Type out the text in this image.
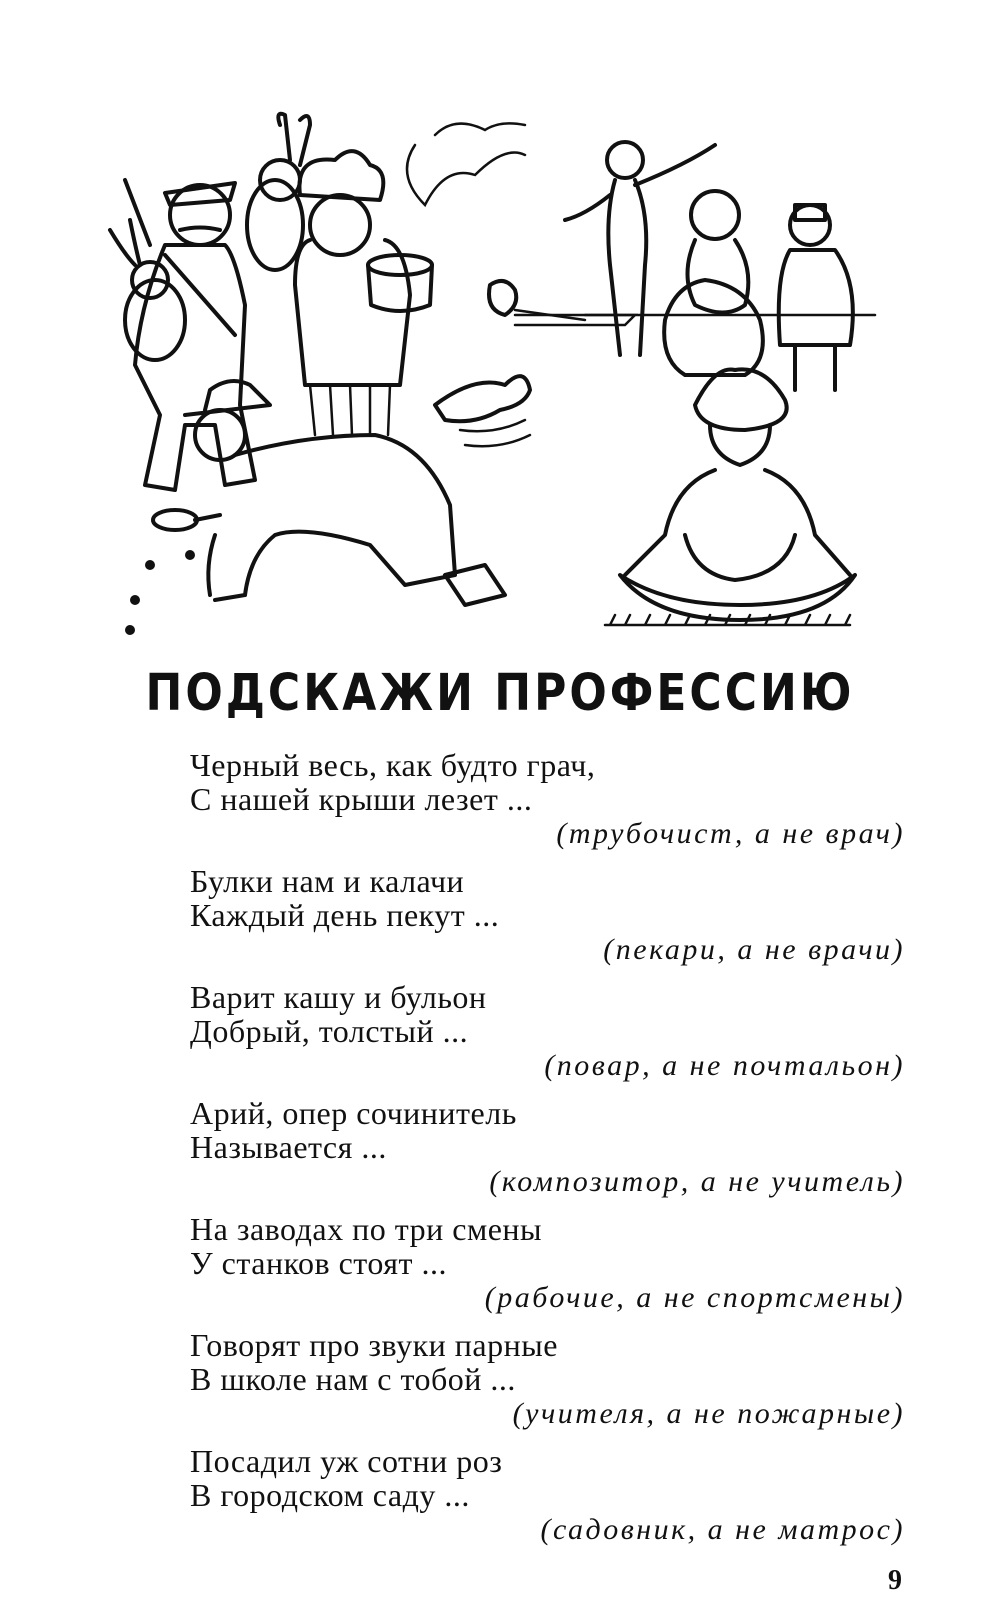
ПОДСКАЖИ ПРОФЕССИЮ
Черный весь, как будто грач,
С нашей крыши лезет ...
(трубочист, а не врач)
Булки нам и калачи
Каждый день пекут ...
(пекари, а не врачи)
Варит кашу и бульон
Добрый, толстый ...
(повар, а не почтальон)
Арий, опер сочинитель
Называется ...
(композитор, а не учитель)
На заводах по три смены
У станков стоят ...
(рабочие, а не спортсмены)
Говорят про звуки парные
В школе нам с тобой ...
(учителя, а не пожарные)
Посадил уж сотни роз
В городском саду ...
(садовник, а не матрос)
9
